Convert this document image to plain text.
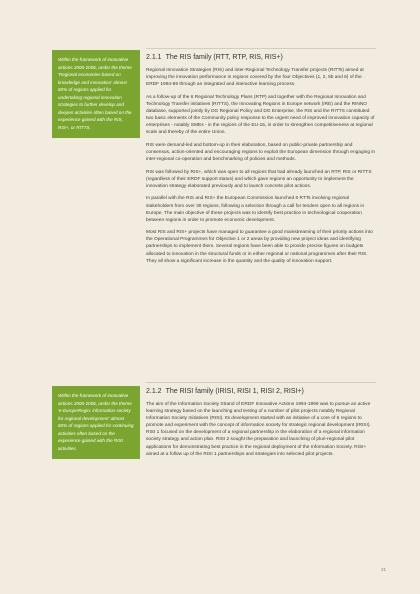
Within the framework of innovative actions 2000-2006, under the theme 'Regional economies based on knowledge and innovation' almost 60% of regions applied for undertaking regional innovation strategies to further develop and deepen activities often based on the experience gained with the RIS, RIS+, or RITTS.

2.1.1 The RIS family (RTT, RTP, RIS, RIS+)

Regional Innovation Strategies (RIS) and inter-Regional Technology Transfer projects (RITTs) aimed at improving the innovation performance in regions covered by the four Objectives (1, 2, 5b and 6) of the ERDF 1994-99 through an integrated and interactive learning process.

As a follow-up of the 6 Regional Technology Plans (RTP) and together with the Regional Innovation and Technology Transfer initiatives (RITTS), the Innovating Regions in Europe network (IRE) and the RINNO database, supported jointly by DG Regional Policy and DG Enterprise, the RIS and the RITTS constituted two basic elements of the Community policy response to the urgent need of improved innovation capacity of enterprises - notably SMEs - in the regions of the EU-15, in order to strengthen competitiveness at regional scale and thereby of the entire Union.

RIS were demand-led and bottom-up in their elaboration, based on public-private partnership and consensus, action-oriented and encouraging regions to exploit the European dimension through engaging in inter-regional co-operation and benchmarking of policies and methods.

RIS was followed by RIS+, which was open to all regions that had already launched an RTP, RIS or RITTS (regardless of their ERDF support status) and which gave regions an opportunity to implement the innovation strategy elaborated previously and to launch concrete pilot actions.

In parallel with the RIS and RIS+ the European Commission launched 6 RTTs involving regional stakeholders from over 30 regions, following a selection through a call for tenders open to all regions in Europe. The main objective of these projects was to identify best practice in technological cooperation between regions in order to promote economic development.

Most RIS and RIS+ projects have managed to guarantee a good mainstreaming of their priority actions into the Operational Programmes for Objective 1 or 2 areas by providing new project ideas and identifying partnerships to implement them. Several regions have been able to provide precise figures on budgets allocated to innovation in the structural funds or in either regional or national programmes after their RIS. They all show a significant increase in the quantity and the quality of innovation support.

Within the framework of innovative actions 2000-2006, under the theme 'e-EuropeRegio: information society for regional development' almost 60% of regions applied for continuing activities often based on the experience gained with the RISI activities.

2.1.2 The RISI family (IRISI, RISI 1, RISI 2, RISI+)

The aim of the Information Society Strand of ERDF Innovative Actions 1994-1999 was to pursue an active learning strategy based on the launching and testing of a number of pilot projects notably Regional Information Society Initiatives (RISI). Its development started with an initiative of a core of 6 regions to promote and experiment with the concept of information society for strategic regional development (IRISI). RISI 1 focused on the development of a regional partnership in the elaboration of a regional information society strategy and action plan. RISI 2 sought the preparation and launching of pluri-regional pilot applications for demonstrating best practice in the regional deployment of the Information Society. RISI+ aimed at a follow up of the RISI 1 partnerships and strategies into selected pilot projects.

21
